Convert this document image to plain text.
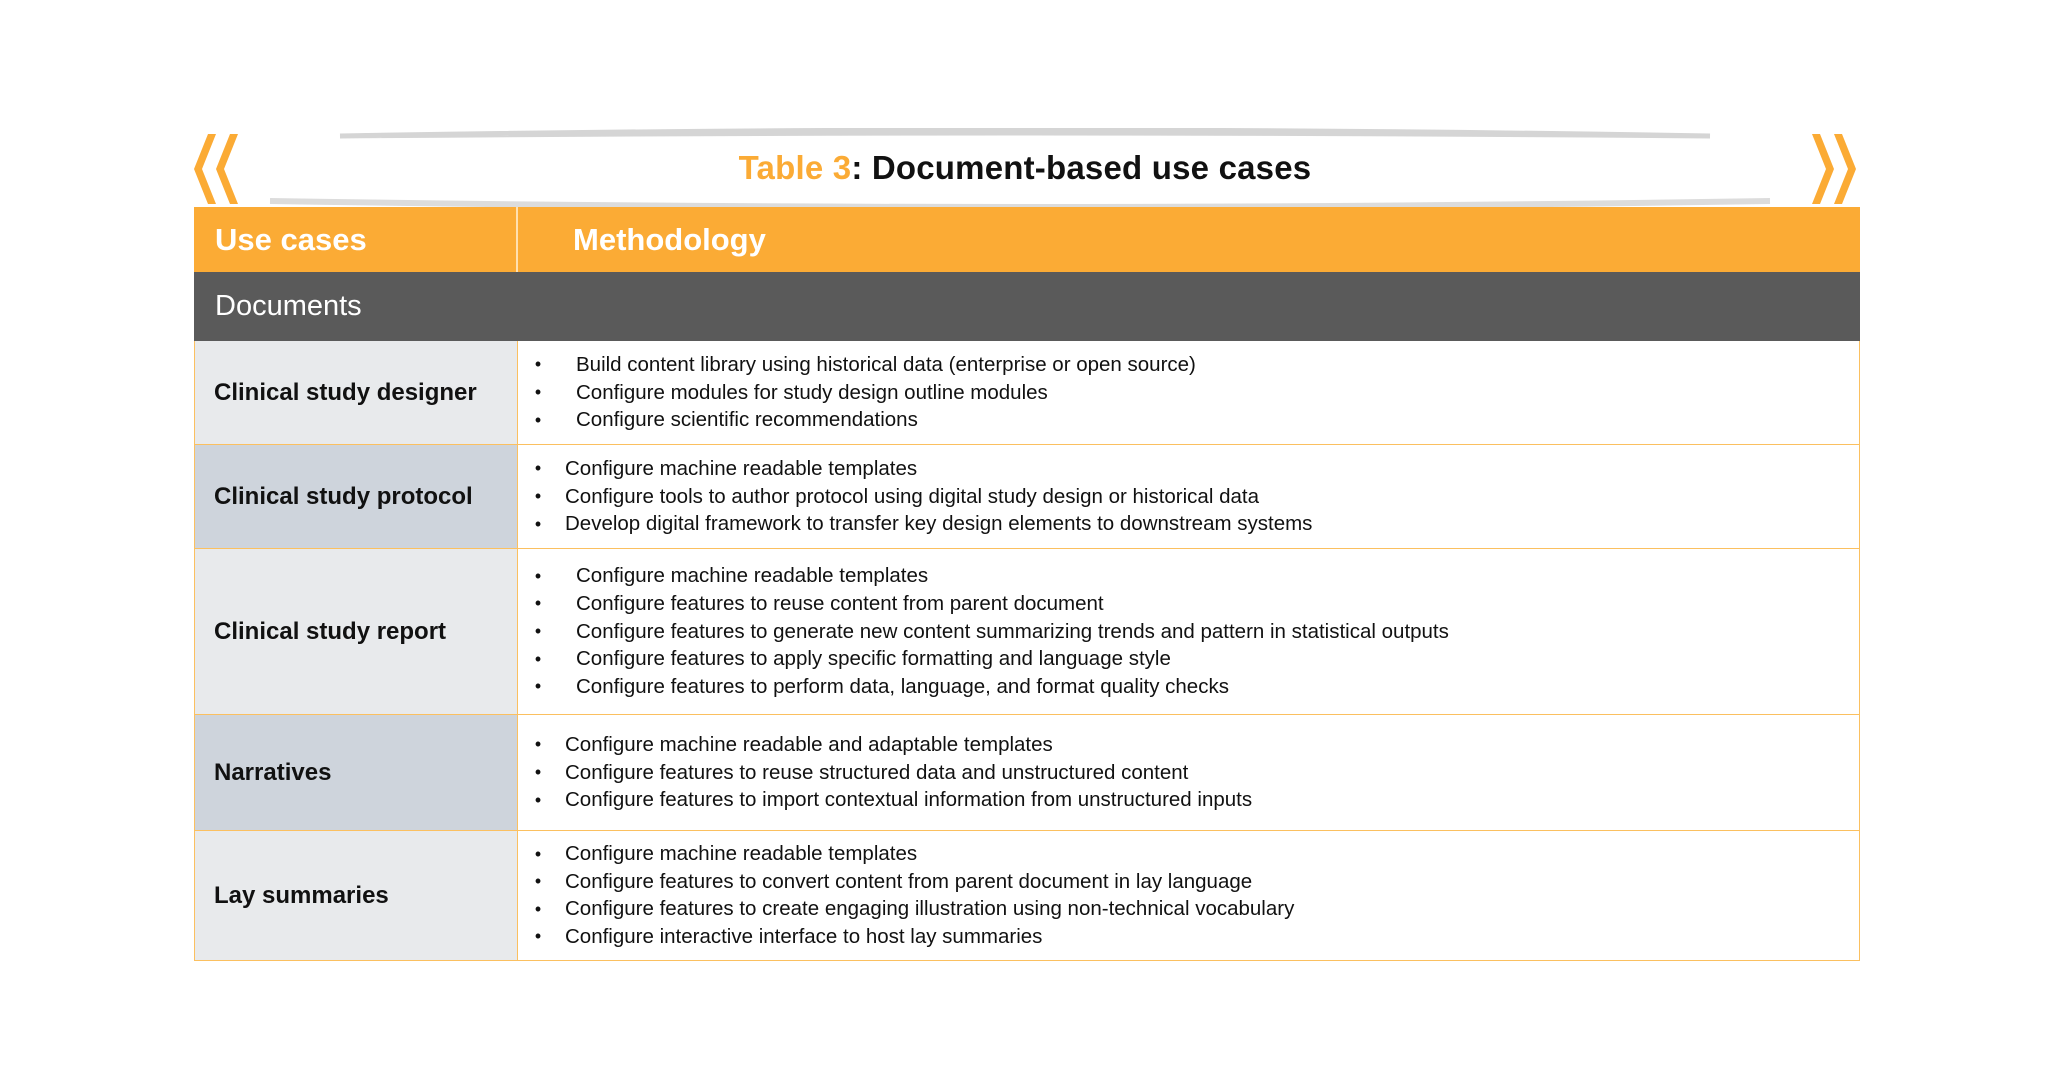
Table 3 : Document-based use cases
Use cases	Methodology
Documents
Clinical study designer
• Build content library using historical data (enterprise or open source)
• Configure modules for study design outline modules
• Configure scientific recommendations
Clinical study protocol
• Configure machine readable templates
• Configure tools to author protocol using digital study design or historical data
• Develop digital framework to transfer key design elements to downstream systems
Clinical study report
• Configure machine readable templates
• Configure features to reuse content from parent document
• Configure features to generate new content summarizing trends and pattern in statistical outputs
• Configure features to apply specific formatting and language style
• Configure features to perform data, language, and format quality checks
Narratives
• Configure machine readable and adaptable templates
• Configure features to reuse structured data and unstructured content
• Configure features to import contextual information from unstructured inputs
Lay summaries
• Configure machine readable templates
• Configure features to convert content from parent document in lay language
• Configure features to create engaging illustration using non-technical vocabulary
• Configure interactive interface to host lay summaries
